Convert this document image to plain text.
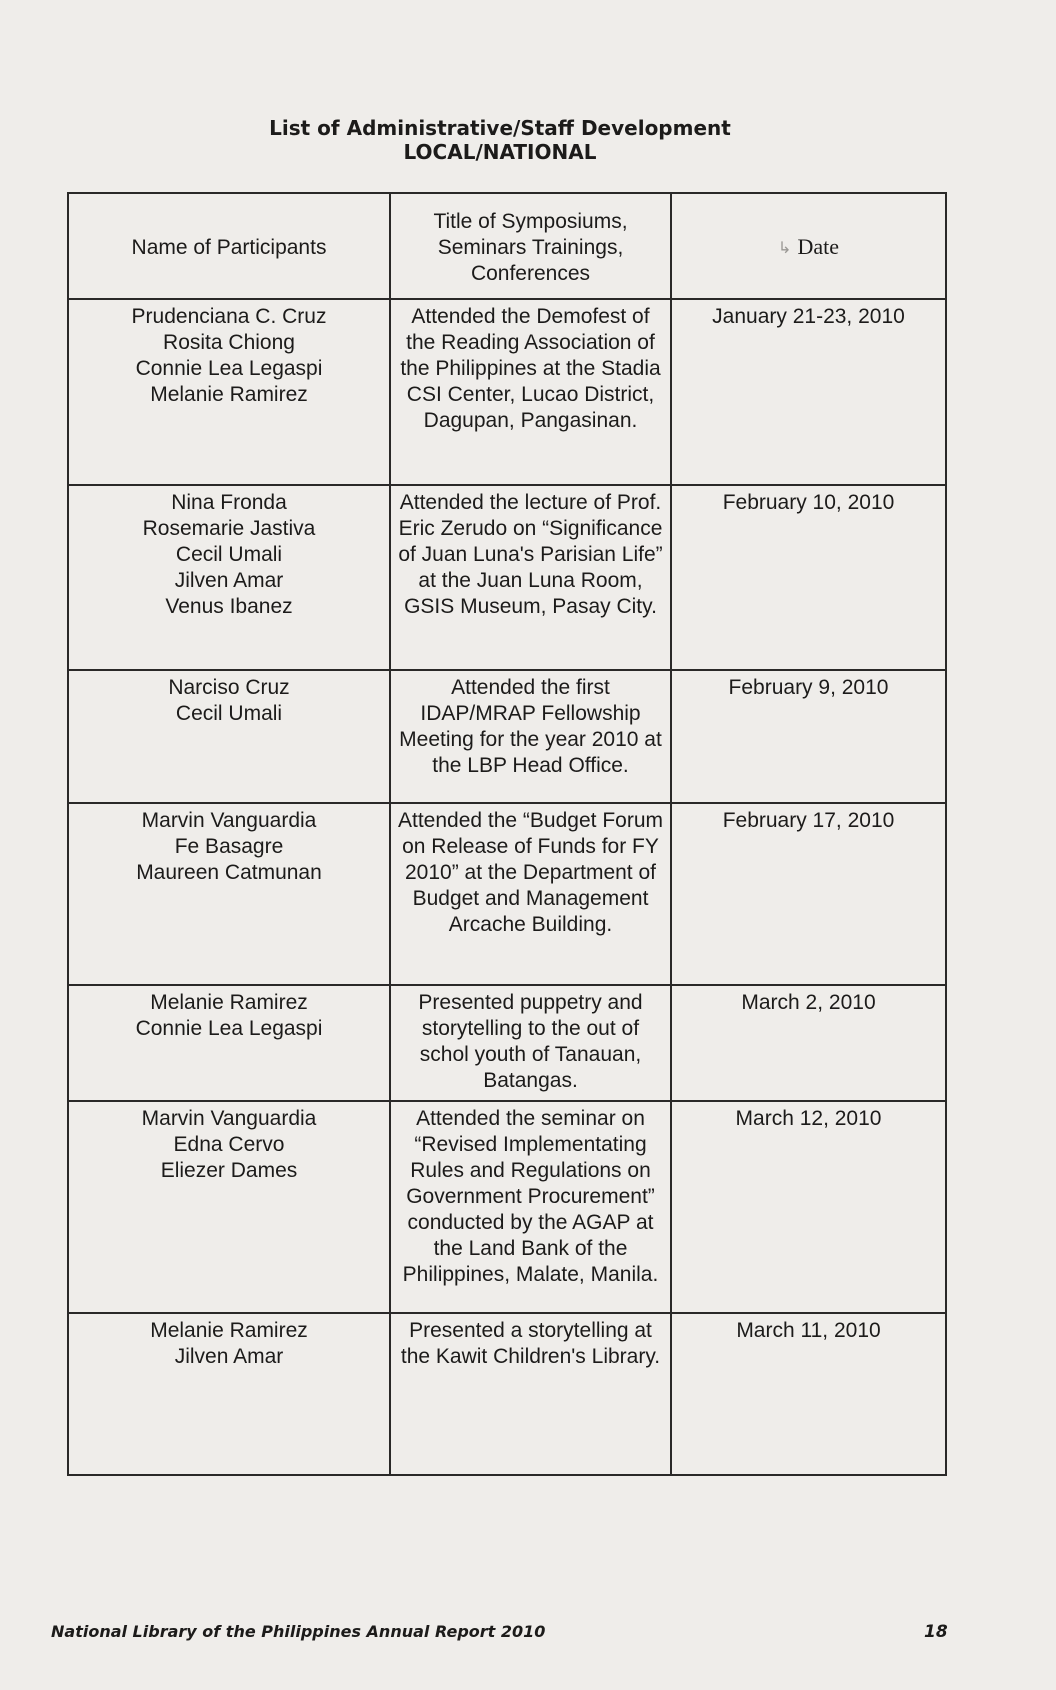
List of Administrative/Staff Development
LOCAL/NATIONAL
Name of Participants	Title of Symposiums, Seminars Trainings, Conferences	↳ Date

Prudenciana C. Cruz
Rosita Chiong
Connie Lea Legaspi
Melanie Ramirez	Attended the Demofest of the Reading Association of the Philippines at the Stadia CSI Center, Lucao District, Dagupan, Pangasinan.	January 21-23, 2010

Nina Fronda
Rosemarie Jastiva
Cecil Umali
Jilven Amar
Venus Ibanez	Attended the lecture of Prof. Eric Zerudo on “Significance of Juan Luna's Parisian Life” at the Juan Luna Room, GSIS Museum, Pasay City.	February 10, 2010

Narciso Cruz
Cecil Umali	Attended the first IDAP/MRAP Fellowship Meeting for the year 2010 at the LBP Head Office.	February 9, 2010

Marvin Vanguardia
Fe Basagre
Maureen Catmunan	Attended the “Budget Forum on Release of Funds for FY 2010” at the Department of Budget and Management Arcache Building.	February 17, 2010

Melanie Ramirez
Connie Lea Legaspi	Presented puppetry and storytelling to the out of schol youth of Tanauan, Batangas.	March 2, 2010

Marvin Vanguardia
Edna Cervo
Eliezer Dames	Attended the seminar on “Revised Implementating Rules and Regulations on Government Procurement” conducted by the AGAP at the Land Bank of the Philippines, Malate, Manila.	March 12, 2010

Melanie Ramirez
Jilven Amar	Presented a storytelling at the Kawit Children's Library.	March 11, 2010
National Library of the Philippines Annual Report 2010	18
